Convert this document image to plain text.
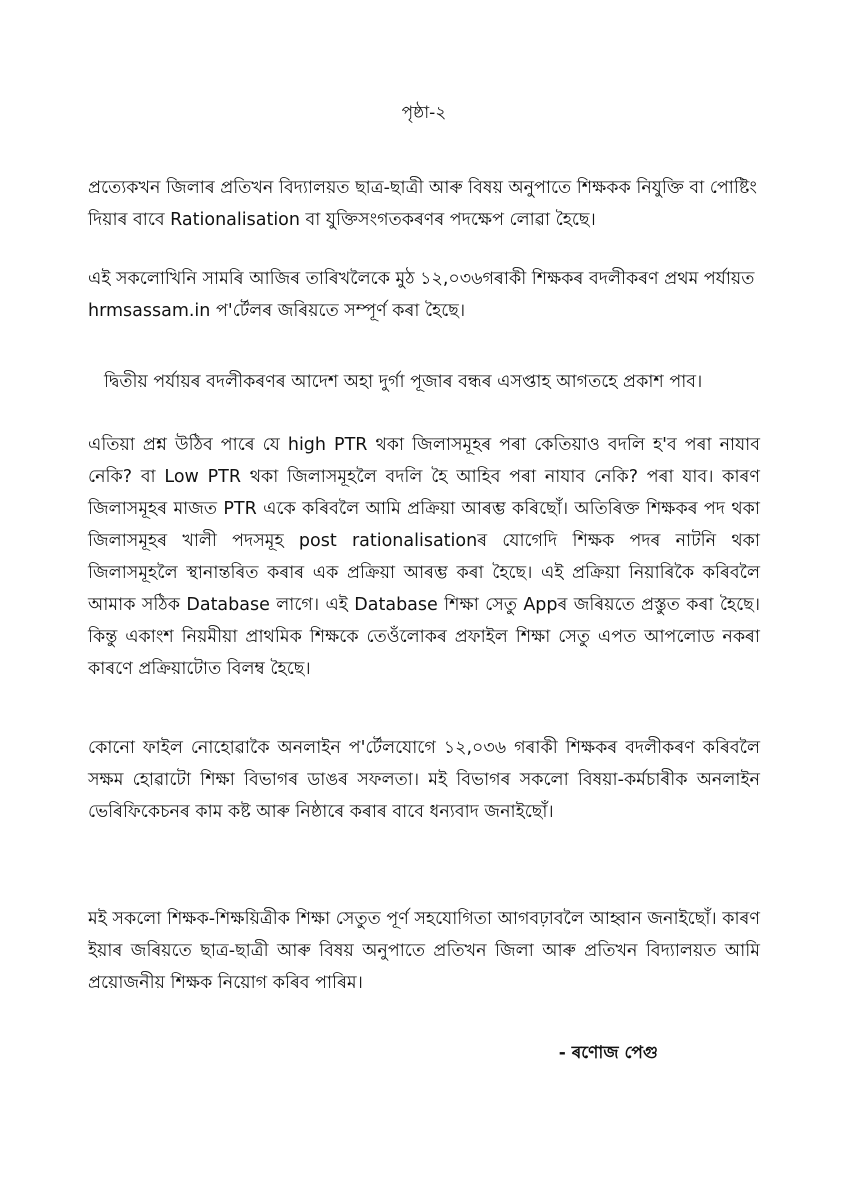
পৃষ্ঠা-২

প্ৰত্যেকখন জিলাৰ প্ৰতিখন বিদ্যালয়ত ছাত্ৰ-ছাত্ৰী আৰু বিষয় অনুপাতে শিক্ষকক নিযুক্তি বা পোষ্টিং দিয়াৰ বাবে Rationalisation বা যুক্তিসংগতকৰণৰ পদক্ষেপ লোৱা হৈছে।

এই সকলোখিনি সামৰি আজিৰ তাৰিখলৈকে মুঠ ১২,০৩৬গৰাকী শিক্ষকৰ বদলীকৰণ প্ৰথম পৰ্যায়ত hrmsassam.in প'ৰ্টেলৰ জৰিয়তে সম্পূৰ্ণ কৰা হৈছে।

দ্বিতীয় পৰ্যায়ৰ বদলীকৰণৰ আদেশ অহা দুৰ্গা পূজাৰ বন্ধৰ এসপ্তাহ আগতহে প্ৰকাশ পাব।

এতিয়া প্ৰশ্ন উঠিব পাৰে যে high PTR থকা জিলাসমূহৰ পৰা কেতিয়াও বদলি হ'ব পৰা নাযাব নেকি? বা Low PTR থকা জিলাসমূহলৈ বদলি হৈ আহিব পৰা নাযাব নেকি? পৰা যাব। কাৰণ জিলাসমূহৰ মাজত PTR একে কৰিবলৈ আমি প্ৰক্ৰিয়া আৰম্ভ কৰিছোঁ। অতিৰিক্ত শিক্ষকৰ পদ থকা জিলাসমূহৰ খালী পদসমূহ post rationalisationৰ যোগেদি শিক্ষক পদৰ নাটনি থকা জিলাসমূহলৈ স্থানান্তৰিত কৰাৰ এক প্ৰক্ৰিয়া আৰম্ভ কৰা হৈছে। এই প্ৰক্ৰিয়া নিয়াৰিকৈ কৰিবলৈ আমাক সঠিক Database লাগে। এই Database শিক্ষা সেতু Appৰ জৰিয়তে প্ৰস্তুত কৰা হৈছে। কিন্তু একাংশ নিয়মীয়া প্ৰাথমিক শিক্ষকে তেওঁলোকৰ প্ৰফাইল শিক্ষা সেতু এপত আপলোড নকৰা কাৰণে প্ৰক্ৰিয়াটোত বিলম্ব হৈছে।

কোনো ফাইল নোহোৱাকৈ অনলাইন প'ৰ্টেলযোগে ১২,০৩৬ গৰাকী শিক্ষকৰ বদলীকৰণ কৰিবলৈ সক্ষম হোৱাটো শিক্ষা বিভাগৰ ডাঙৰ সফলতা। মই বিভাগৰ সকলো বিষয়া-কৰ্মচাৰীক অনলাইন ভেৰিফিকেচনৰ কাম কষ্ট আৰু নিষ্ঠাৰে কৰাৰ বাবে ধন্যবাদ জনাইছোঁ।

মই সকলো শিক্ষক-শিক্ষয়িত্ৰীক শিক্ষা সেতুত পূৰ্ণ সহযোগিতা আগবঢ়াবলৈ আহ্বান জনাইছোঁ। কাৰণ ইয়াৰ জৰিয়তে ছাত্ৰ-ছাত্ৰী আৰু বিষয় অনুপাতে প্ৰতিখন জিলা আৰু প্ৰতিখন বিদ্যালয়ত আমি প্ৰয়োজনীয় শিক্ষক নিয়োগ কৰিব পাৰিম।

- ৰণোজ পেগু
